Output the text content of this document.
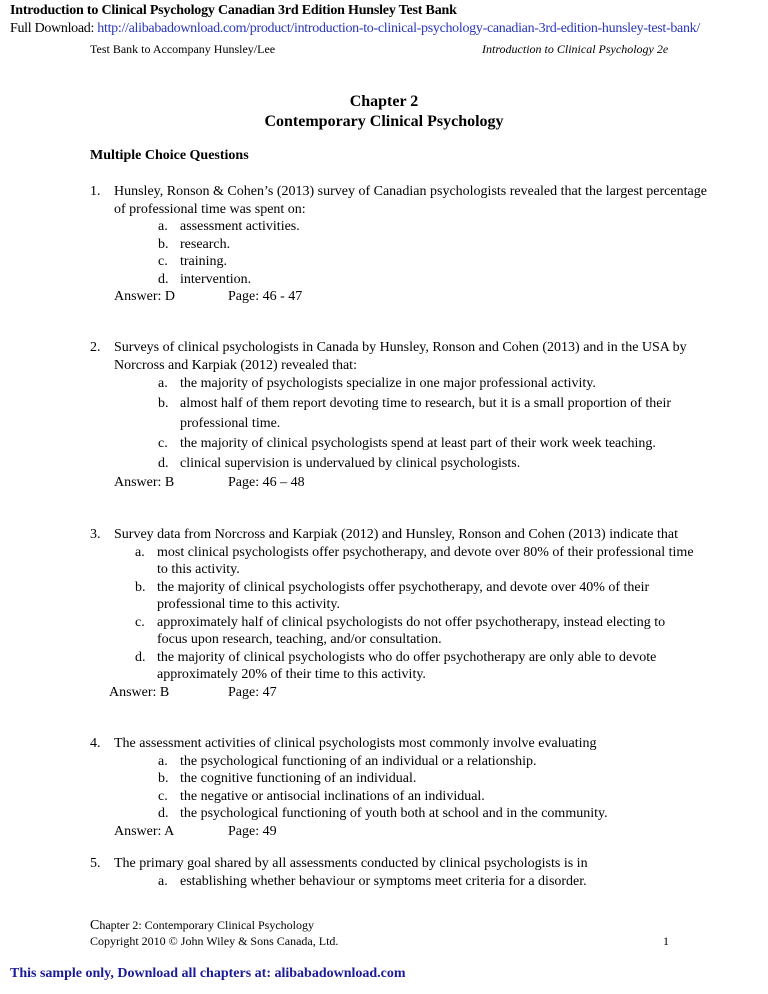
Introduction to Clinical Psychology Canadian 3rd Edition Hunsley Test Bank
Full Download: http://alibabadownload.com/product/introduction-to-clinical-psychology-canadian-3rd-edition-hunsley-test-bank/
Test Bank to Accompany Hunsley/Lee	Introduction to Clinical Psychology 2e
Chapter 2
Contemporary Clinical Psychology
Multiple Choice Questions
1. Hunsley, Ronson & Cohen’s (2013) survey of Canadian psychologists revealed that the largest percentage of professional time was spent on:
a. assessment activities.
b. research.
c. training.
d. intervention.
Answer: D	Page: 46 - 47
2. Surveys of clinical psychologists in Canada by Hunsley, Ronson and Cohen (2013) and in the USA by Norcross and Karpiak (2012) revealed that:
a. the majority of psychologists specialize in one major professional activity.
b. almost half of them report devoting time to research, but it is a small proportion of their professional time.
c. the majority of clinical psychologists spend at least part of their work week teaching.
d. clinical supervision is undervalued by clinical psychologists.
Answer: B	Page: 46 – 48
3. Survey data from Norcross and Karpiak (2012) and Hunsley, Ronson and Cohen (2013) indicate that
a. most clinical psychologists offer psychotherapy, and devote over 80% of their professional time to this activity.
b. the majority of clinical psychologists offer psychotherapy, and devote over 40% of their professional time to this activity.
c. approximately half of clinical psychologists do not offer psychotherapy, instead electing to focus upon research, teaching, and/or consultation.
d. the majority of clinical psychologists who do offer psychotherapy are only able to devote approximately 20% of their time to this activity.
Answer: B	Page: 47
4. The assessment activities of clinical psychologists most commonly involve evaluating
a. the psychological functioning of an individual or a relationship.
b. the cognitive functioning of an individual.
c. the negative or antisocial inclinations of an individual.
d. the psychological functioning of youth both at school and in the community.
Answer: A	Page: 49
5. The primary goal shared by all assessments conducted by clinical psychologists is in
a. establishing whether behaviour or symptoms meet criteria for a disorder.
Chapter 2: Contemporary Clinical Psychology
Copyright 2010 © John Wiley & Sons Canada, Ltd.	1
This sample only, Download all chapters at: alibabadownload.com
